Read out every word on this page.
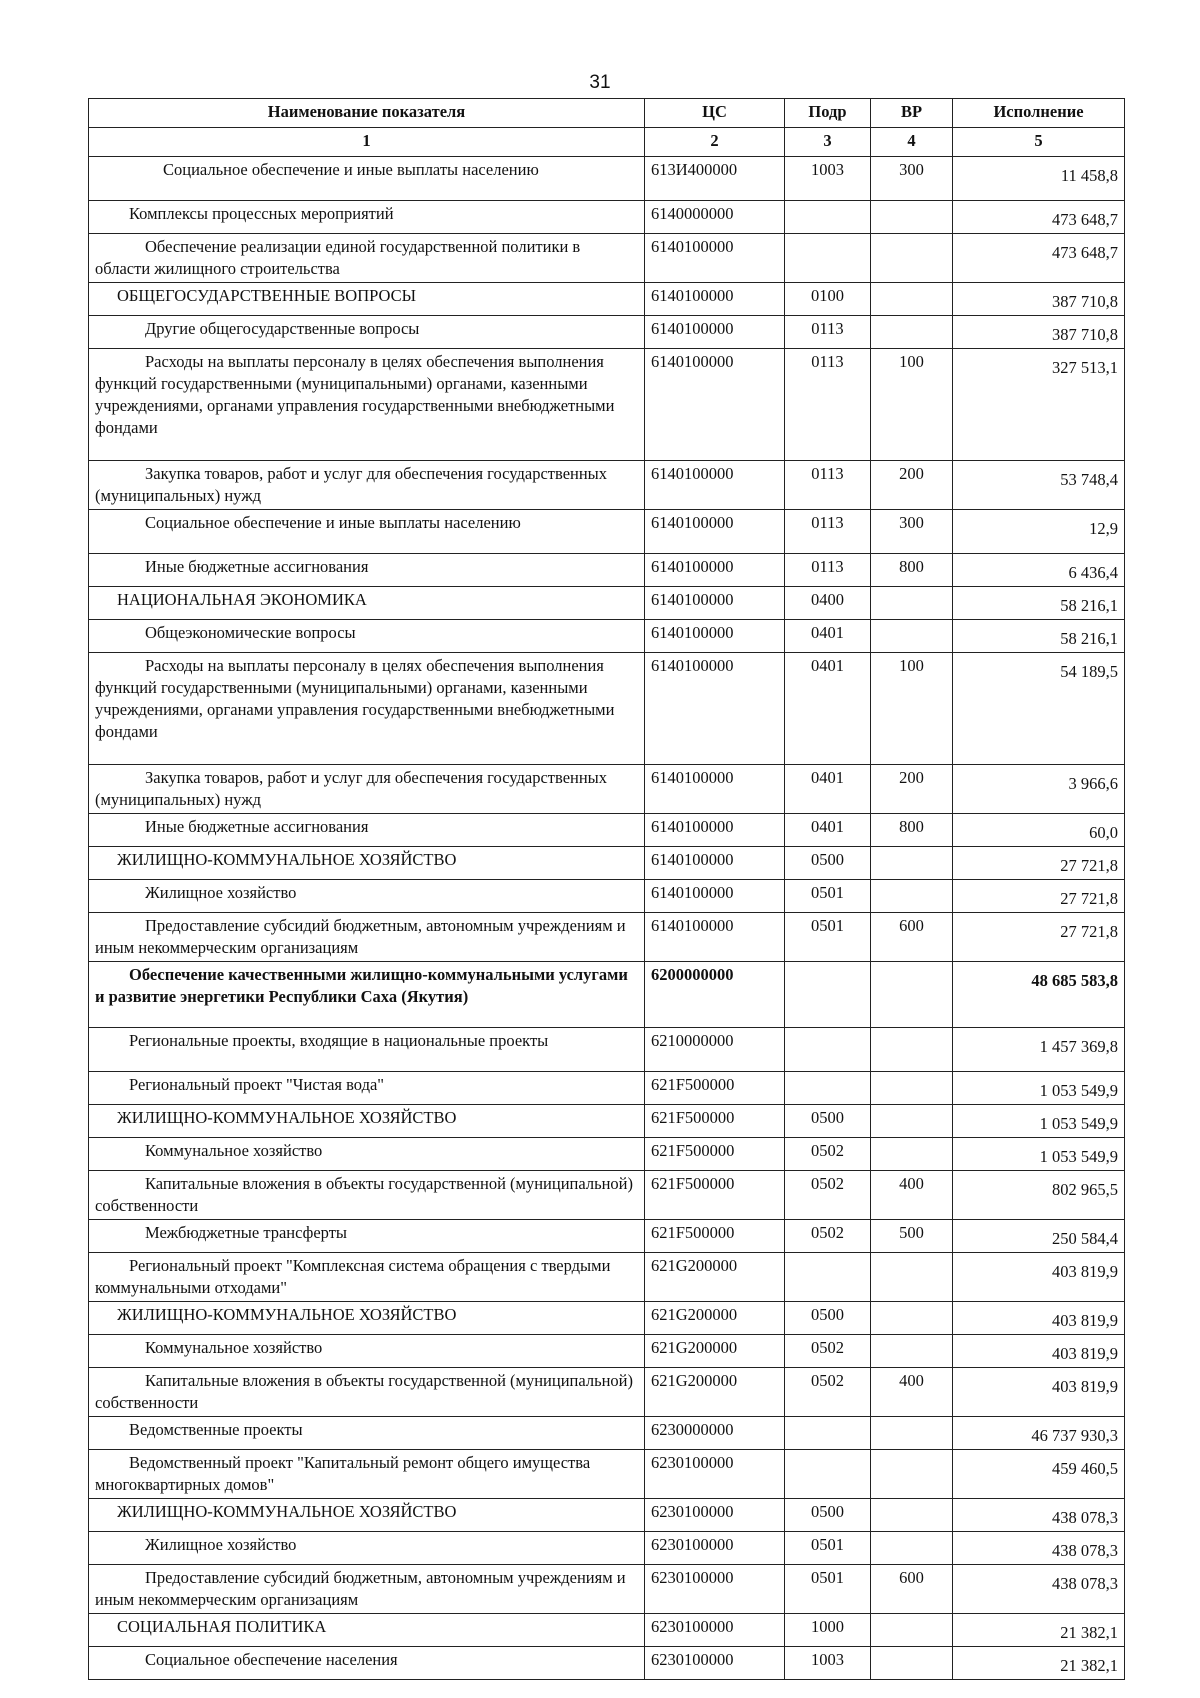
31
Наименование показателя	ЦС	Подр	ВР	Исполнение
1	2	3	4	5
Социальное обеспечение и иные выплаты населению	613И400000	1003	300	11 458,8
Комплексы процессных мероприятий	6140000000			473 648,7
Обеспечение реализации единой государственной политики в области жилищного строительства	6140100000			473 648,7
ОБЩЕГОСУДАРСТВЕННЫЕ ВОПРОСЫ	6140100000	0100		387 710,8
Другие общегосударственные вопросы	6140100000	0113		387 710,8
Расходы на выплаты персоналу в целях обеспечения выполнения функций государственными (муниципальными) органами, казенными учреждениями, органами управления государственными внебюджетными фондами	6140100000	0113	100	327 513,1
Закупка товаров, работ и услуг для обеспечения государственных (муниципальных) нужд	6140100000	0113	200	53 748,4
Социальное обеспечение и иные выплаты населению	6140100000	0113	300	12,9
Иные бюджетные ассигнования	6140100000	0113	800	6 436,4
НАЦИОНАЛЬНАЯ ЭКОНОМИКА	6140100000	0400		58 216,1
Общеэкономические вопросы	6140100000	0401		58 216,1
Расходы на выплаты персоналу в целях обеспечения выполнения функций государственными (муниципальными) органами, казенными учреждениями, органами управления государственными внебюджетными фондами	6140100000	0401	100	54 189,5
Закупка товаров, работ и услуг для обеспечения государственных (муниципальных) нужд	6140100000	0401	200	3 966,6
Иные бюджетные ассигнования	6140100000	0401	800	60,0
ЖИЛИЩНО-КОММУНАЛЬНОЕ ХОЗЯЙСТВО	6140100000	0500		27 721,8
Жилищное хозяйство	6140100000	0501		27 721,8
Предоставление субсидий бюджетным, автономным учреждениям и иным некоммерческим организациям	6140100000	0501	600	27 721,8
Обеспечение качественными жилищно-коммунальными услугами и развитие энергетики Республики Саха (Якутия)	6200000000			48 685 583,8
Региональные проекты, входящие в национальные проекты	6210000000			1 457 369,8
Региональный проект "Чистая вода"	621F500000			1 053 549,9
ЖИЛИЩНО-КОММУНАЛЬНОЕ ХОЗЯЙСТВО	621F500000	0500		1 053 549,9
Коммунальное хозяйство	621F500000	0502		1 053 549,9
Капитальные вложения в объекты государственной (муниципальной) собственности	621F500000	0502	400	802 965,5
Межбюджетные трансферты	621F500000	0502	500	250 584,4
Региональный проект "Комплексная система обращения с твердыми коммунальными отходами"	621G200000			403 819,9
ЖИЛИЩНО-КОММУНАЛЬНОЕ ХОЗЯЙСТВО	621G200000	0500		403 819,9
Коммунальное хозяйство	621G200000	0502		403 819,9
Капитальные вложения в объекты государственной (муниципальной) собственности	621G200000	0502	400	403 819,9
Ведомственные проекты	6230000000			46 737 930,3
Ведомственный проект "Капитальный ремонт общего имущества многоквартирных домов"	6230100000			459 460,5
ЖИЛИЩНО-КОММУНАЛЬНОЕ ХОЗЯЙСТВО	6230100000	0500		438 078,3
Жилищное хозяйство	6230100000	0501		438 078,3
Предоставление субсидий бюджетным, автономным учреждениям и иным некоммерческим организациям	6230100000	0501	600	438 078,3
СОЦИАЛЬНАЯ ПОЛИТИКА	6230100000	1000		21 382,1
Социальное обеспечение населения	6230100000	1003		21 382,1
